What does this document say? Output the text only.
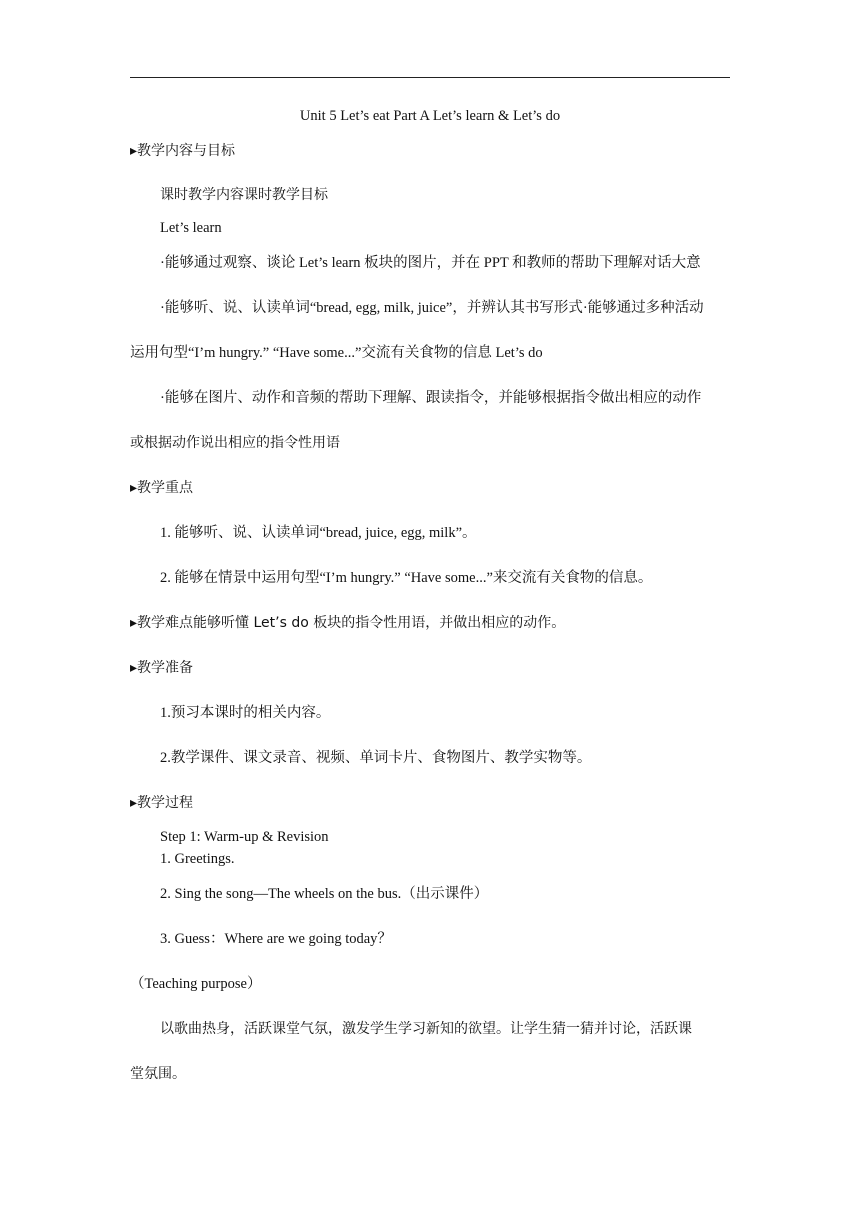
Unit 5 Let’s eat Part A Let’s learn & Let’s do
▸教学内容与目标
课时教学内容课时教学目标
Let’s learn
·能够通过观察、谈论 Let’s learn 板块的图片，并在 PPT 和教师的帮助下理解对话大意
·能够听、说、认读单词“bread, egg, milk, juice”，并辨认其书写形式·能够通过多种活动
运用句型“I’m hungry.” “Have some...”交流有关食物的信息 Let’s do
·能够在图片、动作和音频的帮助下理解、跟读指令，并能够根据指令做出相应的动作
或根据动作说出相应的指令性用语
▸教学重点
1. 能够听、说、认读单词“bread, juice, egg, milk”。
2. 能够在情景中运用句型“I’m hungry.” “Have some...”来交流有关食物的信息。
▸教学难点能够听懂 Let’s do 板块的指令性用语，并做出相应的动作。
▸教学准备
1.预习本课时的相关内容。
2.教学课件、课文录音、视频、单词卡片、食物图片、教学实物等。
▸教学过程
Step 1: Warm-up & Revision
1. Greetings.
2. Sing the song—The wheels on the bus.（出示课件）
3. Guess：Where are we going today？
（Teaching purpose）
以歌曲热身，活跃课堂气氛，激发学生学习新知的欲望。让学生猜一猜并讨论，活跃课
堂氛围。
